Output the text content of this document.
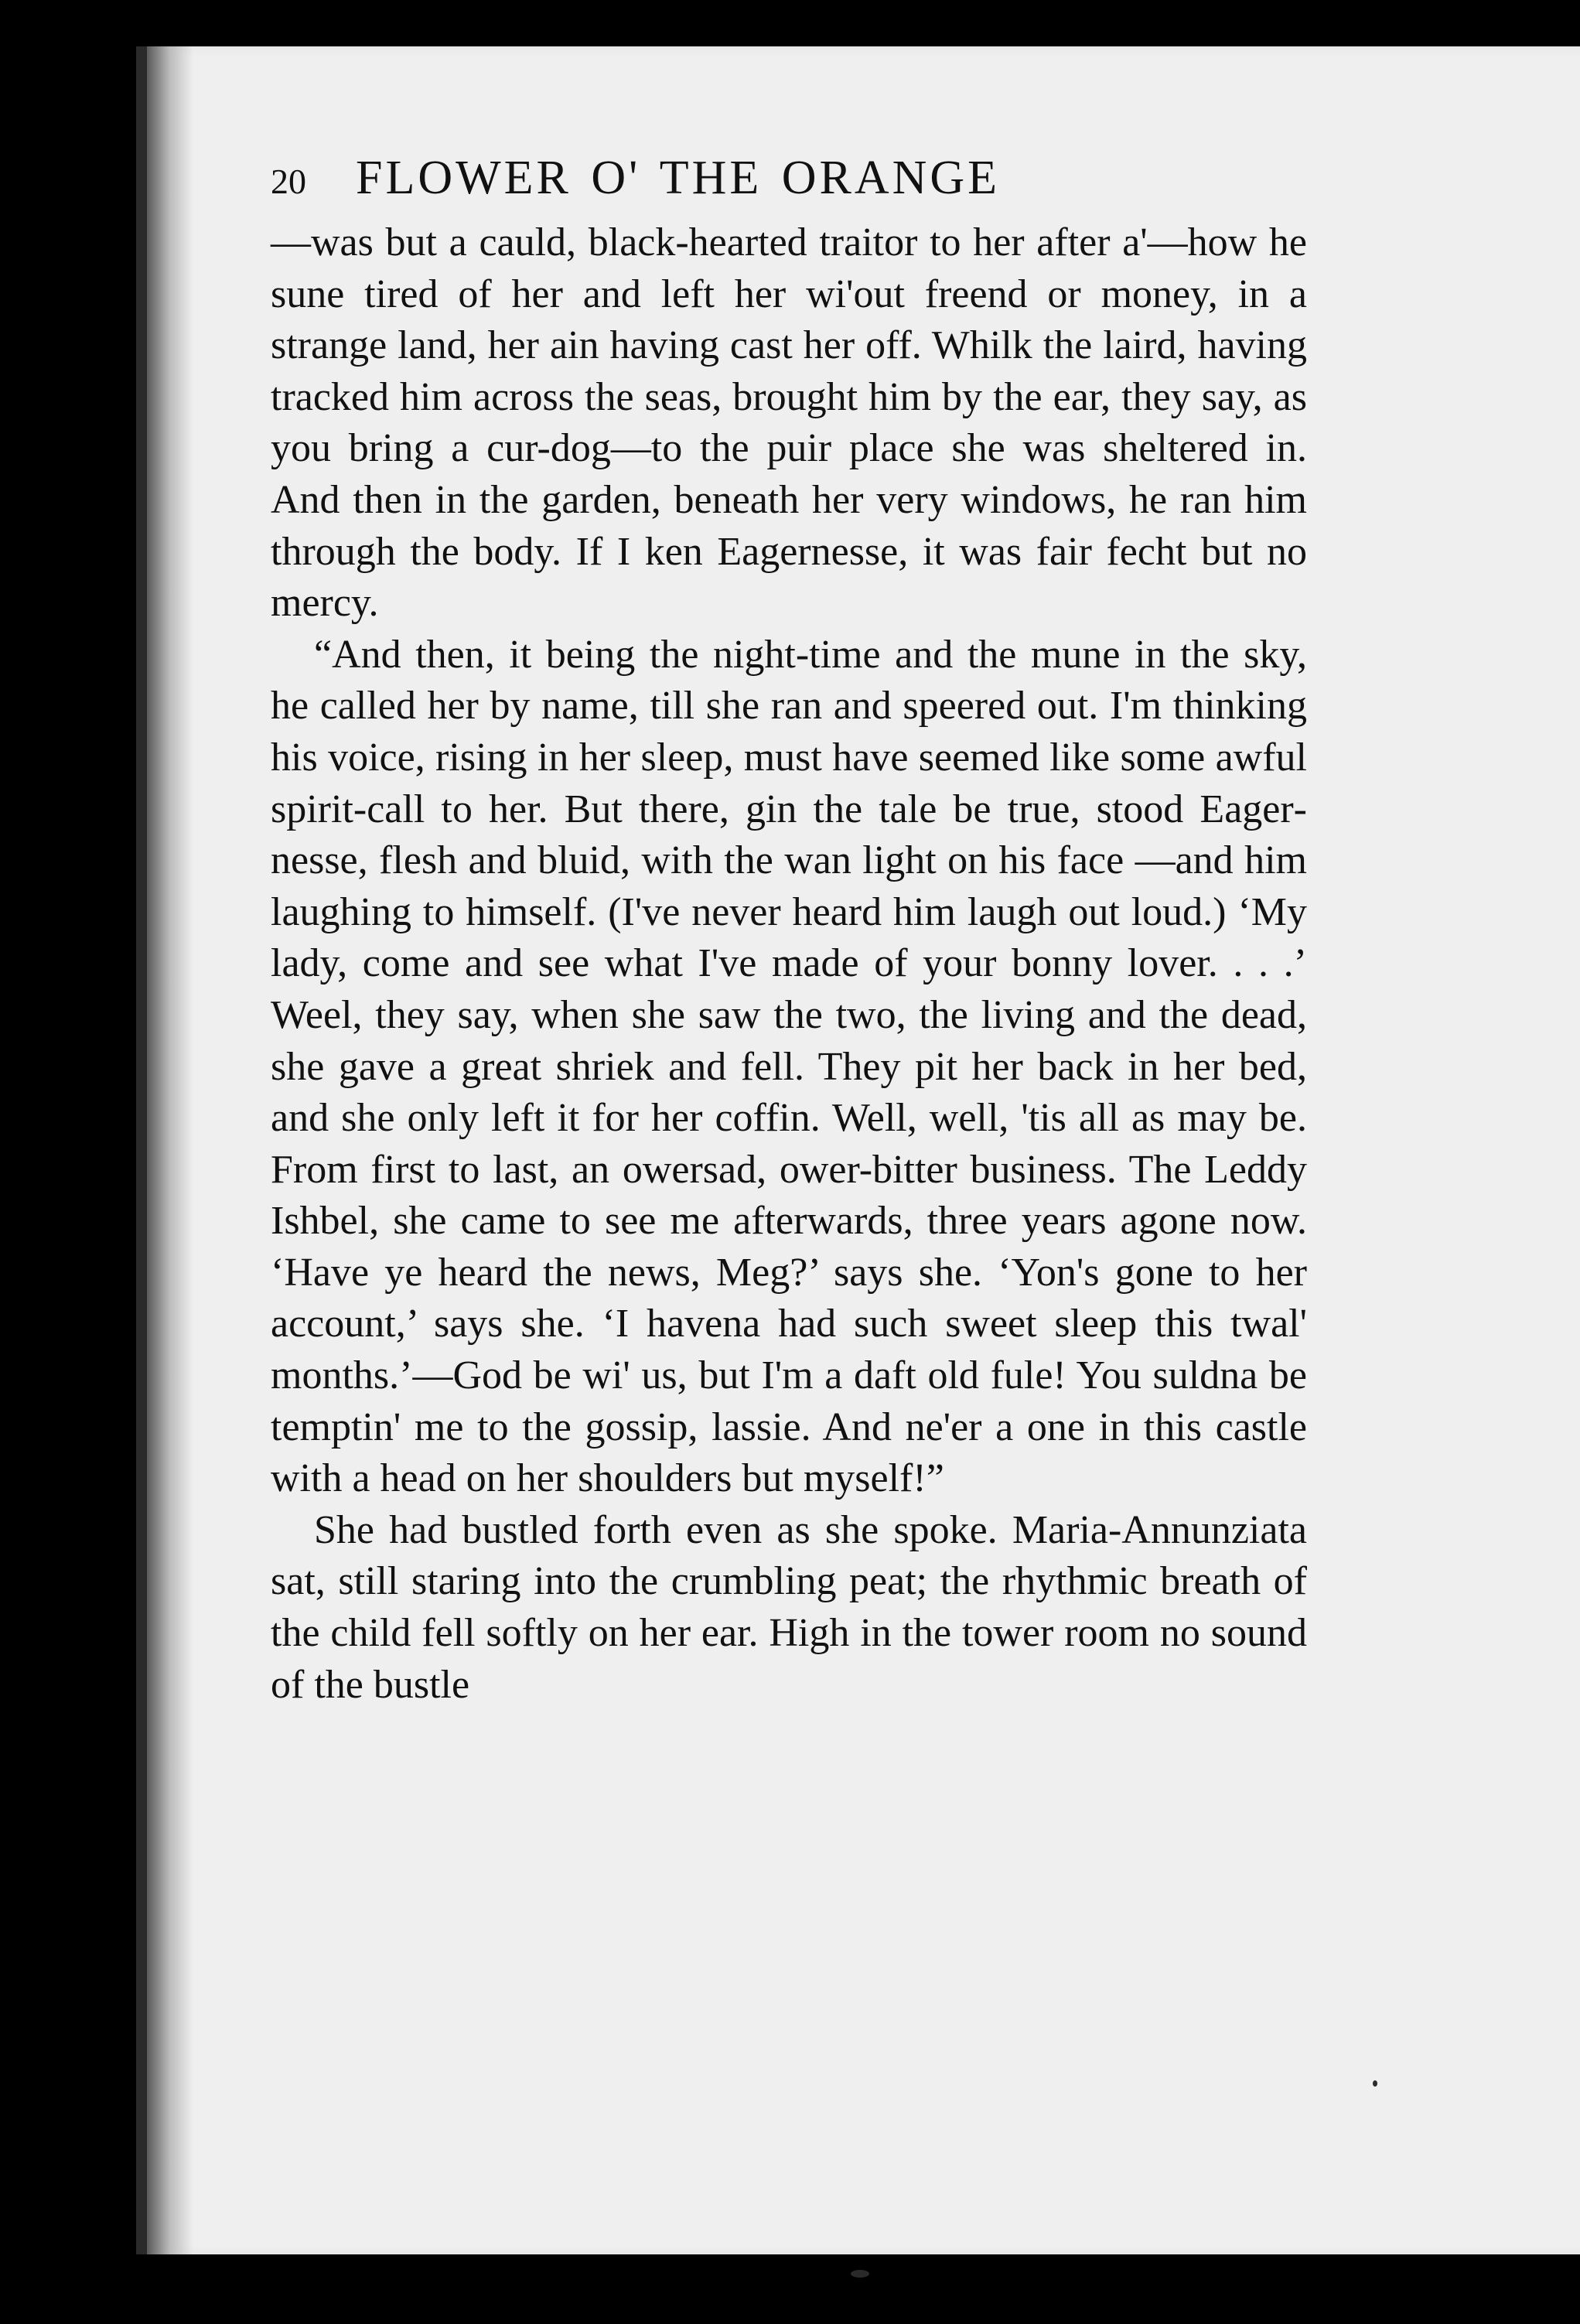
20	FLOWER O' THE ORANGE

—was but a cauld, black-hearted traitor to her after a'—how he sune tired of her and left her wi'out freend or money, in a strange land, her ain having cast her off. Whilk the laird, having tracked him across the seas, brought him by the ear, they say, as you bring a cur-dog—to the puir place she was sheltered in. And then in the garden, beneath her very windows, he ran him through the body. If I ken Eagernesse, it was fair fecht but no mercy.

“And then, it being the night-time and the mune in the sky, he called her by name, till she ran and speered out. I'm thinking his voice, rising in her sleep, must have seemed like some awful spirit-call to her. But there, gin the tale be true, stood Eagernesse, flesh and bluid, with the wan light on his face —and him laughing to himself. (I've never heard him laugh out loud.) ‘My lady, come and see what I've made of your bonny lover. . . .’ Weel, they say, when she saw the two, the living and the dead, she gave a great shriek and fell. They pit her back in her bed, and she only left it for her coffin. Well, well, 'tis all as may be. From first to last, an owersad, ower-bitter business. The Leddy Ishbel, she came to see me afterwards, three years agone now. ‘Have ye heard the news, Meg?’ says she. ‘Yon's gone to her account,’ says she. ‘I havena had such sweet sleep this twal' months.’—God be wi' us, but I'm a daft old fule! You suldna be temptin' me to the gossip, lassie. And ne'er a one in this castle with a head on her shoulders but myself!”

She had bustled forth even as she spoke. Maria-Annunziata sat, still staring into the crumbling peat; the rhythmic breath of the child fell softly on her ear. High in the tower room no sound of the bustle
